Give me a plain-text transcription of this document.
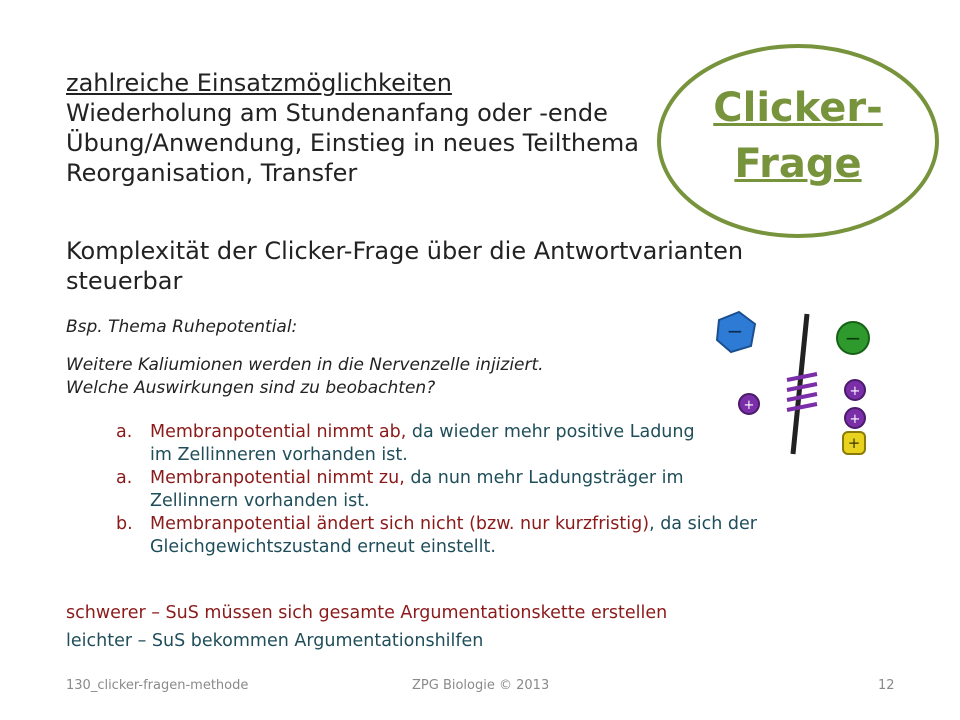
zahlreiche Einsatzmöglichkeiten
Wiederholung am Stundenanfang oder -ende
Übung/Anwendung, Einstieg in neues Teilthema
Reorganisation, Transfer
Clicker-
Frage
Komplexität der Clicker-Frage über die Antwortvarianten steuerbar
Bsp. Thema Ruhepotential:
Weitere Kaliumionen werden in die Nervenzelle injiziert.
Welche Auswirkungen sind zu beobachten?
−	−
+
+
+
+
a. Membranpotential nimmt ab, da wieder mehr positive Ladung im Zellinneren vorhanden ist.
a. Membranpotential nimmt zu, da nun mehr Ladungsträger im Zellinnern vorhanden ist.
b. Membranpotential ändert sich nicht (bzw. nur kurzfristig), da sich der Gleichgewichtszustand erneut einstellt.
schwerer – SuS müssen sich gesamte Argumentationskette erstellen
leichter – SuS bekommen Argumentationshilfen
130_clicker-fragen-methode	ZPG Biologie © 2013	12
